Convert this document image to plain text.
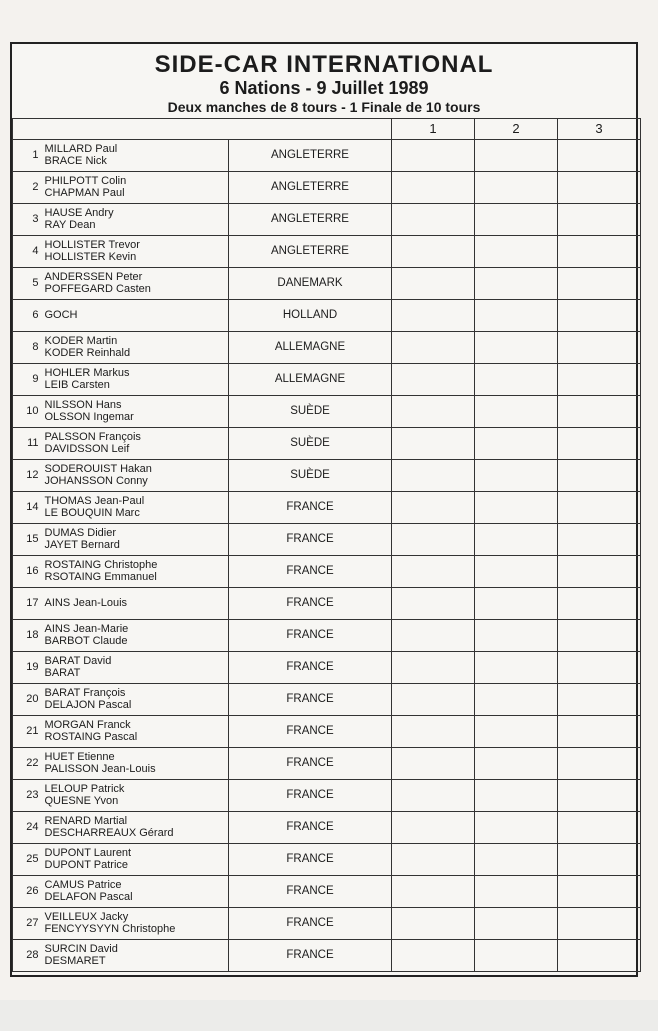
SIDE-CAR INTERNATIONAL
6 Nations - 9 Juillet 1989
Deux manches de 8 tours - 1 Finale de 10 tours
			1	2	3
1	MILLARD Paul
BRACE Nick	ANGLETERRE			
2	PHILPOTT Colin
CHAPMAN Paul	ANGLETERRE			
3	HAUSE Andry
RAY Dean	ANGLETERRE			
4	HOLLISTER Trevor
HOLLISTER Kevin	ANGLETERRE			
5	ANDERSSEN Peter
POFFEGARD Casten	DANEMARK			
6	GOCH	HOLLAND			
8	KODER Martin
KODER Reinhald	ALLEMAGNE			
9	HOHLER Markus
LEIB Carsten	ALLEMAGNE			
10	NILSSON Hans
OLSSON Ingemar	SUÈDE			
11	PALSSON François
DAVIDSSON Leif	SUÈDE			
12	SODEROUIST Hakan
JOHANSSON Conny	SUÈDE			
14	THOMAS Jean-Paul
LE BOUQUIN Marc	FRANCE			
15	DUMAS Didier
JAYET Bernard	FRANCE			
16	ROSTAING Christophe
RSOTAING Emmanuel	FRANCE			
17	AINS Jean-Louis	FRANCE			
18	AINS Jean-Marie
BARBOT Claude	FRANCE			
19	BARAT David
BARAT	FRANCE			
20	BARAT François
DELAJON Pascal	FRANCE			
21	MORGAN Franck
ROSTAING Pascal	FRANCE			
22	HUET Etienne
PALISSON Jean-Louis	FRANCE			
23	LELOUP Patrick
QUESNE Yvon	FRANCE			
24	RENARD Martial
DESCHARREAUX Gérard	FRANCE			
25	DUPONT Laurent
DUPONT Patrice	FRANCE			
26	CAMUS Patrice
DELAFON Pascal	FRANCE			
27	VEILLEUX Jacky
FENCYYSYYN Christophe	FRANCE			
28	SURCIN David
DESMARET	FRANCE			
